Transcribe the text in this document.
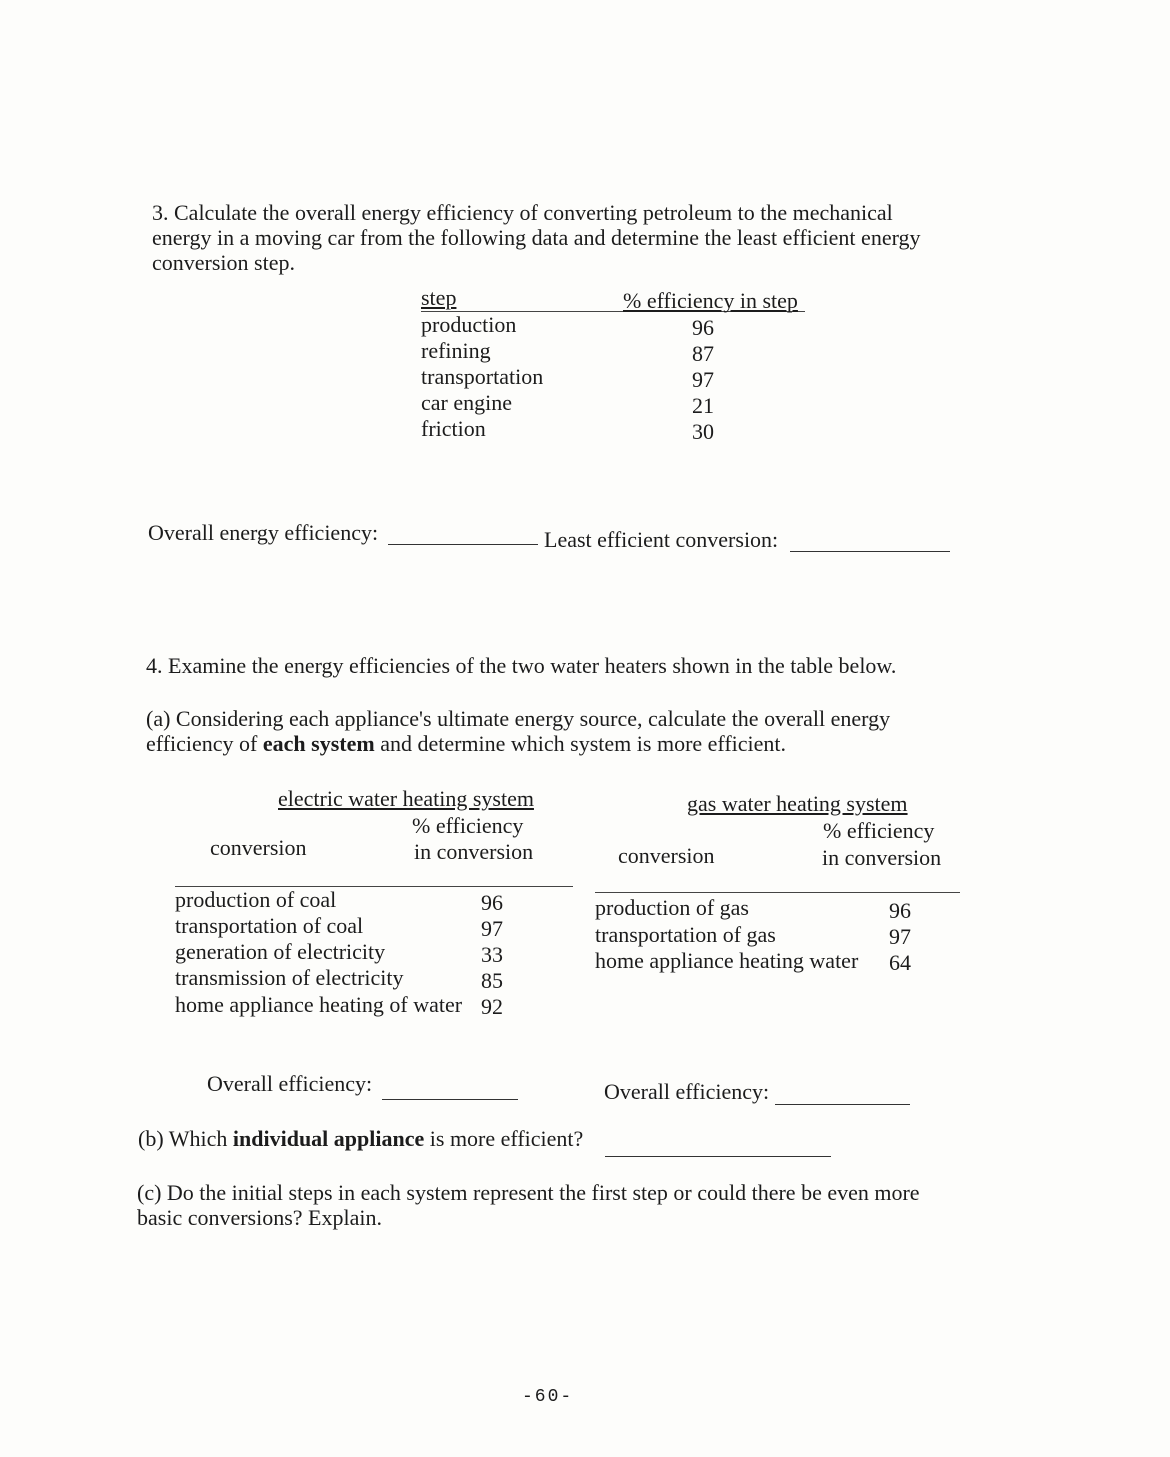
3. Calculate the overall energy efficiency of converting petroleum to the mechanical
energy in a moving car from the following data and determine the least efficient energy
conversion step.
step	% efficiency in step
production	96
refining	87
transportation	97
car engine	21
friction	30
Overall energy efficiency:	Least efficient conversion:
4. Examine the energy efficiencies of the two water heaters shown in the table below.
(a) Considering each appliance's ultimate energy source, calculate the overall energy
efficiency of each system and determine which system is more efficient.
electric water heating system
% efficiency
conversion	in conversion
production of coal	96
transportation of coal	97
generation of electricity	33
transmission of electricity	85
home appliance heating of water 92
gas water heating system
% efficiency
conversion	in conversion
production of gas	96
transportation of gas	97
home appliance heating water 64
Overall efficiency:	Overall efficiency:
(b) Which individual appliance is more efficient?
(c) Do the initial steps in each system represent the first step or could there be even more
basic conversions? Explain.
-60-
